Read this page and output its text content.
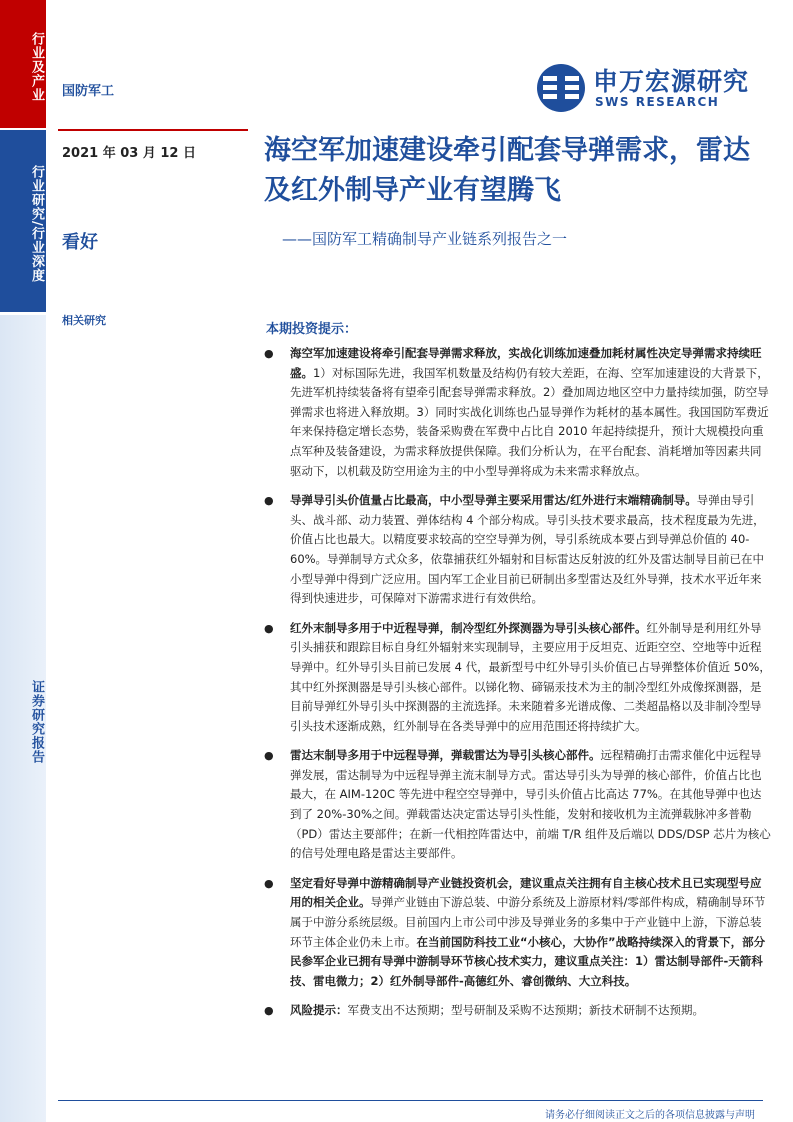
行业及产业
行业研究/行业深度
证券研究报告
国防军工	申万宏源研究
SWS RESEARCH
2021 年 03 月 12 日
看好
相关研究
海空军加速建设牵引配套导弹需求，雷达及红外制导产业有望腾飞
——国防军工精确制导产业链系列报告之一
本期投资提示：
● 海空军加速建设将牵引配套导弹需求释放，实战化训练加速叠加耗材属性决定导弹需求持续旺盛。1）对标国际先进，我国军机数量及结构仍有较大差距，在海、空军加速建设的大背景下，先进军机持续装备将有望牵引配套导弹需求释放。2）叠加周边地区空中力量持续加强，防空导弹需求也将进入释放期。3）同时实战化训练也凸显导弹作为耗材的基本属性。我国国防军费近年来保持稳定增长态势，装备采购费在军费中占比自 2010 年起持续提升，预计大规模投向重点军种及装备建设，为需求释放提供保障。我们分析认为，在平台配套、消耗增加等因素共同驱动下，以机载及防空用途为主的中小型导弹将成为未来需求释放点。
● 导弹导引头价值量占比最高，中小型导弹主要采用雷达/红外进行末端精确制导。导弹由导引头、战斗部、动力装置、弹体结构 4 个部分构成。导引头技术要求最高，技术程度最为先进，价值占比也最大。以精度要求较高的空空导弹为例，导引系统成本要占到导弹总价值的 40-60%。导弹制导方式众多，依靠捕获红外辐射和目标雷达反射波的红外及雷达制导目前已在中小型导弹中得到广泛应用。国内军工企业目前已研制出多型雷达及红外导弹，技术水平近年来得到快速进步，可保障对下游需求进行有效供给。
● 红外末制导多用于中近程导弹，制冷型红外探测器为导引头核心部件。红外制导是利用红外导引头捕获和跟踪目标自身红外辐射来实现制导，主要应用于反坦克、近距空空、空地等中近程导弹中。红外导引头目前已发展 4 代，最新型号中红外导引头价值已占导弹整体价值近 50%，其中红外探测器是导引头核心部件。以锑化物、碲镉汞技术为主的制冷型红外成像探测器，是目前导弹红外导引头中探测器的主流选择。未来随着多光谱成像、二类超晶格以及非制冷型导引头技术逐渐成熟，红外制导在各类导弹中的应用范围还将持续扩大。
● 雷达末制导多用于中远程导弹，弹载雷达为导引头核心部件。远程精确打击需求催化中远程导弹发展，雷达制导为中远程导弹主流末制导方式。雷达导引头为导弹的核心部件，价值占比也最大，在 AIM-120C 等先进中程空空导弹中，导引头价值占比高达 77%。在其他导弹中也达到了 20%-30%之间。弹载雷达决定雷达导引头性能，发射和接收机为主流弹载脉冲多普勒（PD）雷达主要部件；在新一代相控阵雷达中，前端 T/R 组件及后端以 DDS/DSP 芯片为核心的信号处理电路是雷达主要部件。
● 坚定看好导弹中游精确制导产业链投资机会，建议重点关注拥有自主核心技术且已实现型号应用的相关企业。导弹产业链由下游总装、中游分系统及上游原材料/零部件构成，精确制导环节属于中游分系统层级。目前国内上市公司中涉及导弹业务的多集中于产业链中上游，下游总装环节主体企业仍未上市。在当前国防科技工业“小核心，大协作”战略持续深入的背景下，部分民参军企业已拥有导弹中游制导环节核心技术实力，建议重点关注：1）雷达制导部件-天箭科技、雷电微力；2）红外制导部件-高德红外、睿创微纳、大立科技。
● 风险提示：军费支出不达预期；型号研制及采购不达预期；新技术研制不达预期。
请务必仔细阅读正文之后的各项信息披露与声明
